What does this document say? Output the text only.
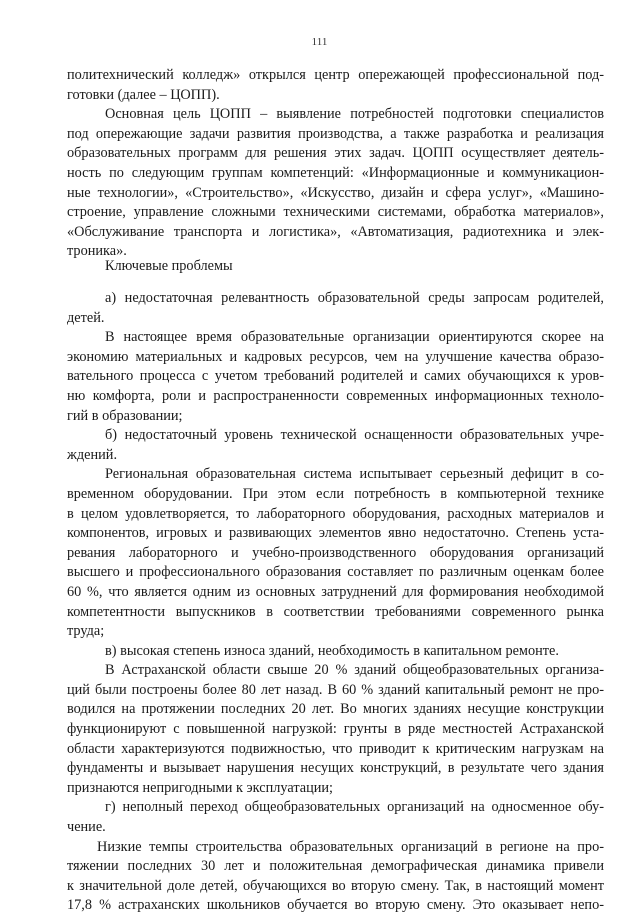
111
политехнический колледж» открылся центр опережающей профессиональной под-
готовки (далее – ЦОПП).
Основная цель ЦОПП – выявление потребностей подготовки специалистов
под опережающие задачи развития производства, а также разработка и реализация
образовательных программ для решения этих задач. ЦОПП осуществляет деятель-
ность по следующим группам компетенций: «Информационные и коммуникацион-
ные технологии», «Строительство», «Искусство, дизайн и сфера услуг», «Машино-
строение, управление сложными техническими системами, обработка материалов»,
«Обслуживание транспорта и логистика», «Автоматизация, радиотехника и элек-
троника».
Ключевые проблемы
а) недостаточная релевантность образовательной среды запросам родителей,
детей.
В настоящее время образовательные организации ориентируются скорее на
экономию материальных и кадровых ресурсов, чем на улучшение качества образо-
вательного процесса с учетом требований родителей и самих обучающихся к уров-
ню комфорта, роли и распространенности современных информационных техноло-
гий в образовании;
б) недостаточный уровень технической оснащенности образовательных учре-
ждений.
Региональная образовательная система испытывает серьезный дефицит в со-
временном оборудовании. При этом если потребность в компьютерной технике
в целом удовлетворяется, то лабораторного оборудования, расходных материалов и
компонентов, игровых и развивающих элементов явно недостаточно. Степень уста-
ревания лабораторного и учебно-производственного оборудования организаций
высшего и профессионального образования составляет по различным оценкам более
60 %, что является одним из основных затруднений для формирования необходимой
компетентности выпускников в соответствии требованиями современного рынка
труда;
в) высокая степень износа зданий, необходимость в капитальном ремонте.
В Астраханской области свыше 20 % зданий общеобразовательных организа-
ций были построены более 80 лет назад. В 60 % зданий капитальный ремонт не про-
водился на протяжении последних 20 лет. Во многих зданиях несущие конструкции
функционируют с повышенной нагрузкой: грунты в ряде местностей Астраханской
области характеризуются подвижностью, что приводит к критическим нагрузкам на
фундаменты и вызывает нарушения несущих конструкций, в результате чего здания
признаются непригодными к эксплуатации;
г) неполный переход общеобразовательных организаций на односменное обу-
чение.
Низкие темпы строительства образовательных организаций в регионе на про-
тяжении последних 30 лет и положительная демографическая динамика привели
к значительной доле детей, обучающихся во вторую смену. Так, в настоящий момент
17,8 % астраханских школьников обучается во вторую смену. Это оказывает непо-
